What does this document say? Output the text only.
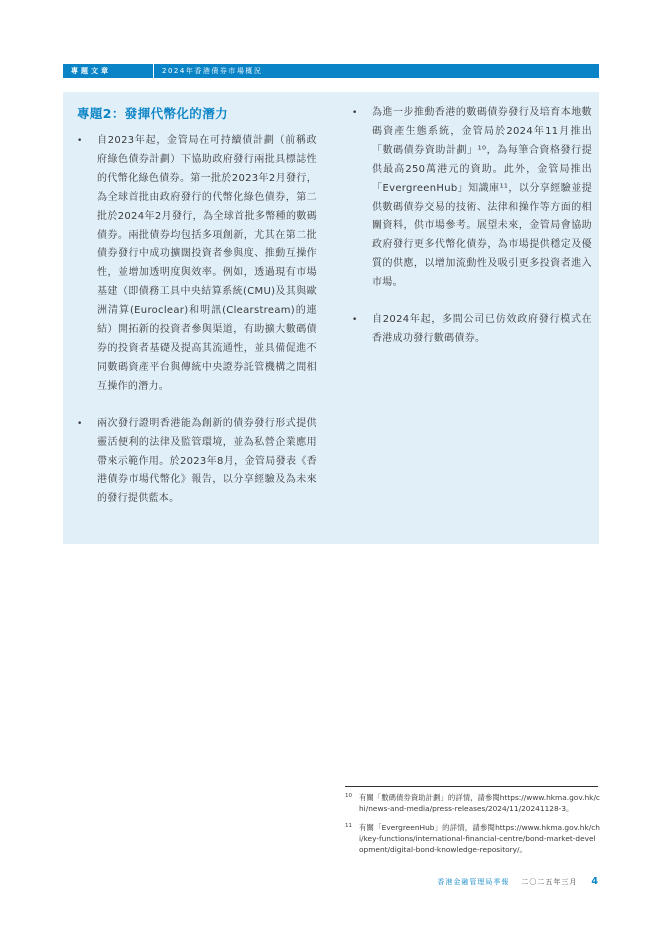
專題文章	2024年香港債券市場概況
專題2：發揮代幣化的潛力
•	自2023年起，金管局在可持續債計劃（前稱政府綠色債券計劃）下協助政府發行兩批具標誌性的代幣化綠色債券。第一批於2023年2月發行，為全球首批由政府發行的代幣化綠色債券，第二批於2024年2月發行，為全球首批多幣種的數碼債券。兩批債券均包括多項創新，尤其在第二批債券發行中成功擴闊投資者參與度、推動互操作性，並增加透明度與效率。例如，透過現有市場基建（即債務工具中央結算系統(CMU)及其與歐洲清算(Euroclear)和明訊(Clearstream)的連結）開拓新的投資者參與渠道，有助擴大數碼債券的投資者基礎及提高其流通性，並具備促進不同數碼資產平台與傳統中央證券託管機構之間相互操作的潛力。
•	兩次發行證明香港能為創新的債券發行形式提供靈活便利的法律及監管環境，並為私營企業應用帶來示範作用。於2023年8月，金管局發表《香港債券市場代幣化》報告，以分享經驗及為未來的發行提供藍本。
•	為進一步推動香港的數碼債券發行及培育本地數碼資產生態系統，金管局於2024年11月推出「數碼債券資助計劃」¹⁰，為每筆合資格發行提供最高250萬港元的資助。此外，金管局推出「EvergreenHub」知識庫¹¹，以分享經驗並提供數碼債券交易的技術、法律和操作等方面的相關資料，供市場參考。展望未來，金管局會協助政府發行更多代幣化債券，為市場提供穩定及優質的供應，以增加流動性及吸引更多投資者進入市場。
•	自2024年起，多間公司已仿效政府發行模式在香港成功發行數碼債券。
10 有關「數碼債券資助計劃」的詳情，請參閱https://www.hkma.gov.hk/chi/news-and-media/press-releases/2024/11/20241128-3。
11 有關「EvergreenHub」的詳情，請參閱https://www.hkma.gov.hk/chi/key-functions/international-financial-centre/bond-market-development/digital-bond-knowledge-repository/。
香港金融管理局季報 二〇二五年三月 4
